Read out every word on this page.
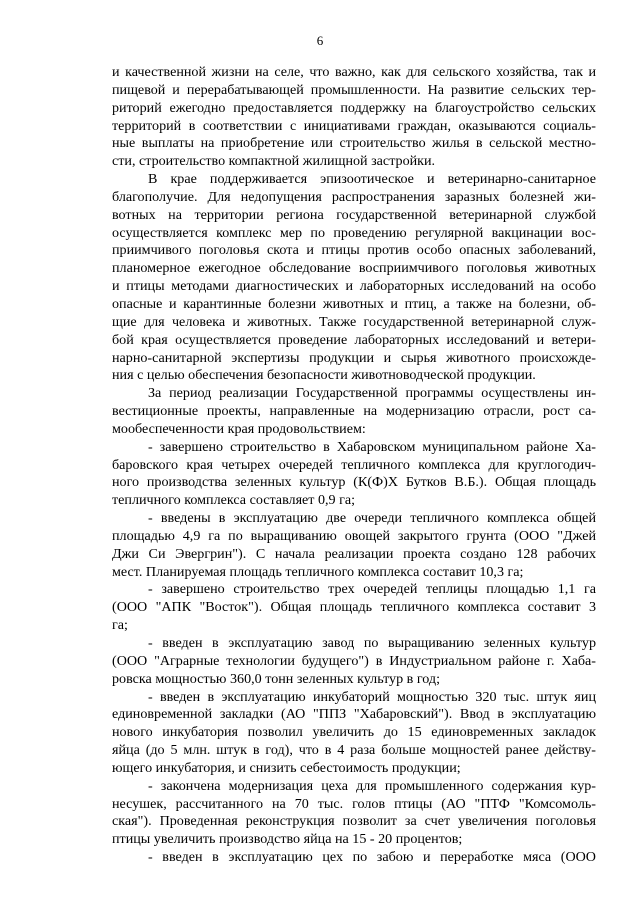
6
и качественной жизни на селе, что важно, как для сельского хозяйства, так и
пищевой и перерабатывающей промышленности. На развитие сельских тер-
риторий ежегодно предоставляется поддержку на благоустройство сельских
территорий в соответствии с инициативами граждан, оказываются социаль-
ные выплаты на приобретение или строительство жилья в сельской местно-
сти, строительство компактной жилищной застройки.
В крае поддерживается эпизоотическое и ветеринарно-санитарное
благополучие. Для недопущения распространения заразных болезней жи-
вотных на территории региона государственной ветеринарной службой
осуществляется комплекс мер по проведению регулярной вакцинации вос-
приимчивого поголовья скота и птицы против особо опасных заболеваний,
планомерное ежегодное обследование восприимчивого поголовья животных
и птицы методами диагностических и лабораторных исследований на особо
опасные и карантинные болезни животных и птиц, а также на болезни, об-
щие для человека и животных. Также государственной ветеринарной служ-
бой края осуществляется проведение лабораторных исследований и ветери-
нарно-санитарной экспертизы продукции и сырья животного происхожде-
ния с целью обеспечения безопасности животноводческой продукции.
За период реализации Государственной программы осуществлены ин-
вестиционные проекты, направленные на модернизацию отрасли, рост са-
мообеспеченности края продовольствием:
- завершено строительство в Хабаровском муниципальном районе Ха-
баровского края четырех очередей тепличного комплекса для круглогодич-
ного производства зеленных культур (К(Ф)Х Бутков В.Б.). Общая площадь
тепличного комплекса составляет 0,9 га;
- введены в эксплуатацию две очереди тепличного комплекса общей
площадью 4,9 га по выращиванию овощей закрытого грунта (ООО "Джей
Джи Си Эвергрин"). С начала реализации проекта создано 128 рабочих
мест. Планируемая площадь тепличного комплекса составит 10,3 га;
- завершено строительство трех очередей теплицы площадью 1,1 га
(ООО "АПК "Восток"). Общая площадь тепличного комплекса составит 3
га;
- введен в эксплуатацию завод по выращиванию зеленных культур
(ООО "Аграрные технологии будущего") в Индустриальном районе г. Хаба-
ровска мощностью 360,0 тонн зеленных культур в год;
- введен в эксплуатацию инкубаторий мощностью 320 тыс. штук яиц
единовременной закладки (АО "ППЗ "Хабаровский"). Ввод в эксплуатацию
нового инкубатория позволил увеличить до 15 единовременных закладок
яйца (до 5 млн. штук в год), что в 4 раза больше мощностей ранее действу-
ющего инкубатория, и снизить себестоимость продукции;
- закончена модернизация цеха для промышленного содержания кур-
несушек, рассчитанного на 70 тыс. голов птицы (АО "ПТФ "Комсомоль-
ская"). Проведенная реконструкция позволит за счет увеличения поголовья
птицы увеличить производство яйца на 15 - 20 процентов;
- введен в эксплуатацию цех по забою и переработке мяса (ООО
